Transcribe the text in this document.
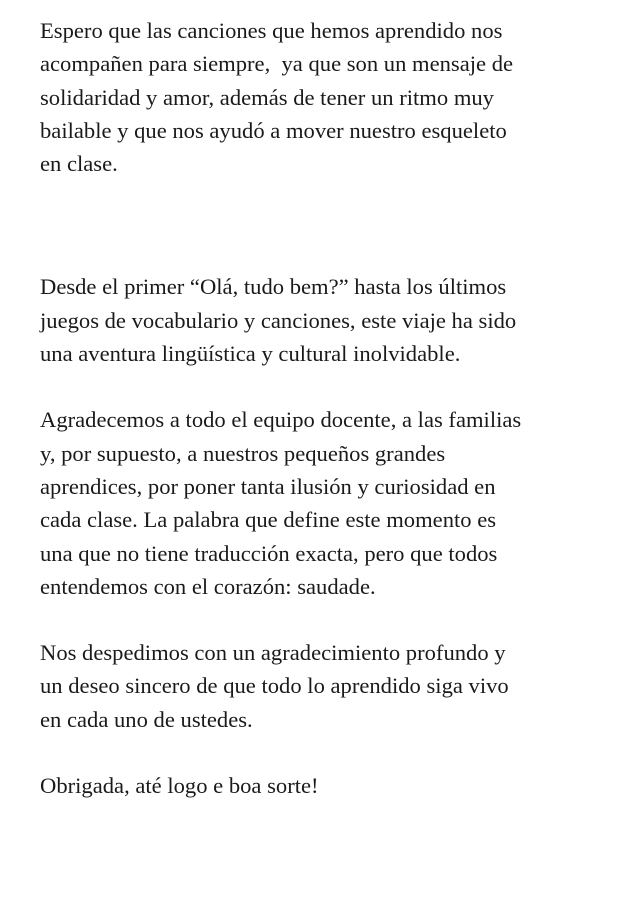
Espero que las canciones que hemos aprendido nos
acompañen para siempre,  ya que son un mensaje de
solidaridad y amor, además de tener un ritmo muy
bailable y que nos ayudó a mover nuestro esqueleto
en clase.

Desde el primer “Olá, tudo bem?” hasta los últimos
juegos de vocabulario y canciones, este viaje ha sido
una aventura lingüística y cultural inolvidable.

Agradecemos a todo el equipo docente, a las familias
y, por supuesto, a nuestros pequeños grandes
aprendices, por poner tanta ilusión y curiosidad en
cada clase. La palabra que define este momento es
una que no tiene traducción exacta, pero que todos
entendemos con el corazón: saudade.

Nos despedimos con un agradecimiento profundo y
un deseo sincero de que todo lo aprendido siga vivo
en cada uno de ustedes.

Obrigada, até logo e boa sorte!
